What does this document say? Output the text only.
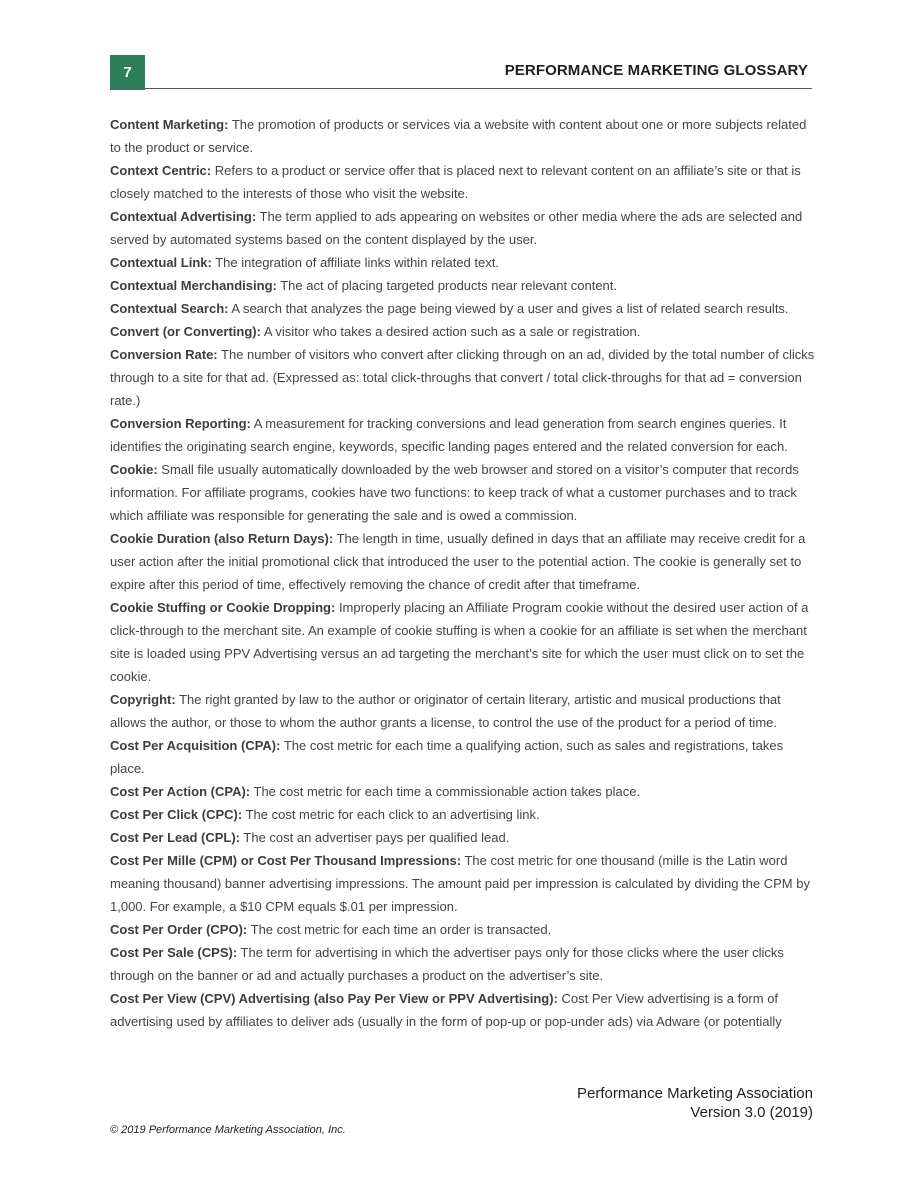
7	PERFORMANCE MARKETING GLOSSARY

Content Marketing: The promotion of products or services via a website with content about one or more subjects related to the product or service.

Context Centric: Refers to a product or service offer that is placed next to relevant content on an affiliate’s site or that is closely matched to the interests of those who visit the website.

Contextual Advertising: The term applied to ads appearing on websites or other media where the ads are selected and served by automated systems based on the content displayed by the user.

Contextual Link: The integration of affiliate links within related text.

Contextual Merchandising: The act of placing targeted products near relevant content.

Contextual Search: A search that analyzes the page being viewed by a user and gives a list of related search results.

Convert (or Converting): A visitor who takes a desired action such as a sale or registration.

Conversion Rate: The number of visitors who convert after clicking through on an ad, divided by the total number of clicks through to a site for that ad. (Expressed as: total click-throughs that convert / total click-throughs for that ad = conversion rate.)

Conversion Reporting: A measurement for tracking conversions and lead generation from search engines queries. It identifies the originating search engine, keywords, specific landing pages entered and the related conversion for each.

Cookie: Small file usually automatically downloaded by the web browser and stored on a visitor’s computer that records information. For affiliate programs, cookies have two functions: to keep track of what a customer purchases and to track which affiliate was responsible for generating the sale and is owed a commission.

Cookie Duration (also Return Days): The length in time, usually defined in days that an affiliate may receive credit for a user action after the initial promotional click that introduced the user to the potential action. The cookie is generally set to expire after this period of time, effectively removing the chance of credit after that timeframe.

Cookie Stuffing or Cookie Dropping: Improperly placing an Affiliate Program cookie without the desired user action of a click-through to the merchant site. An example of cookie stuffing is when a cookie for an affiliate is set when the merchant site is loaded using PPV Advertising versus an ad targeting the merchant’s site for which the user must click on to set the cookie.

Copyright: The right granted by law to the author or originator of certain literary, artistic and musical productions that allows the author, or those to whom the author grants a license, to control the use of the product for a period of time.

Cost Per Acquisition (CPA): The cost metric for each time a qualifying action, such as sales and registrations, takes place.

Cost Per Action (CPA): The cost metric for each time a commissionable action takes place.

Cost Per Click (CPC): The cost metric for each click to an advertising link.

Cost Per Lead (CPL): The cost an advertiser pays per qualified lead.

Cost Per Mille (CPM) or Cost Per Thousand Impressions: The cost metric for one thousand (mille is the Latin word meaning thousand) banner advertising impressions. The amount paid per impression is calculated by dividing the CPM by 1,000. For example, a $10 CPM equals $.01 per impression.

Cost Per Order (CPO): The cost metric for each time an order is transacted.

Cost Per Sale (CPS): The term for advertising in which the advertiser pays only for those clicks where the user clicks through on the banner or ad and actually purchases a product on the advertiser’s site.

Cost Per View (CPV) Advertising (also Pay Per View or PPV Advertising): Cost Per View advertising is a form of advertising used by affiliates to deliver ads (usually in the form of pop-up or pop-under ads) via Adware (or potentially

Performance Marketing Association
Version 3.0 (2019)
© 2019 Performance Marketing Association, Inc.
